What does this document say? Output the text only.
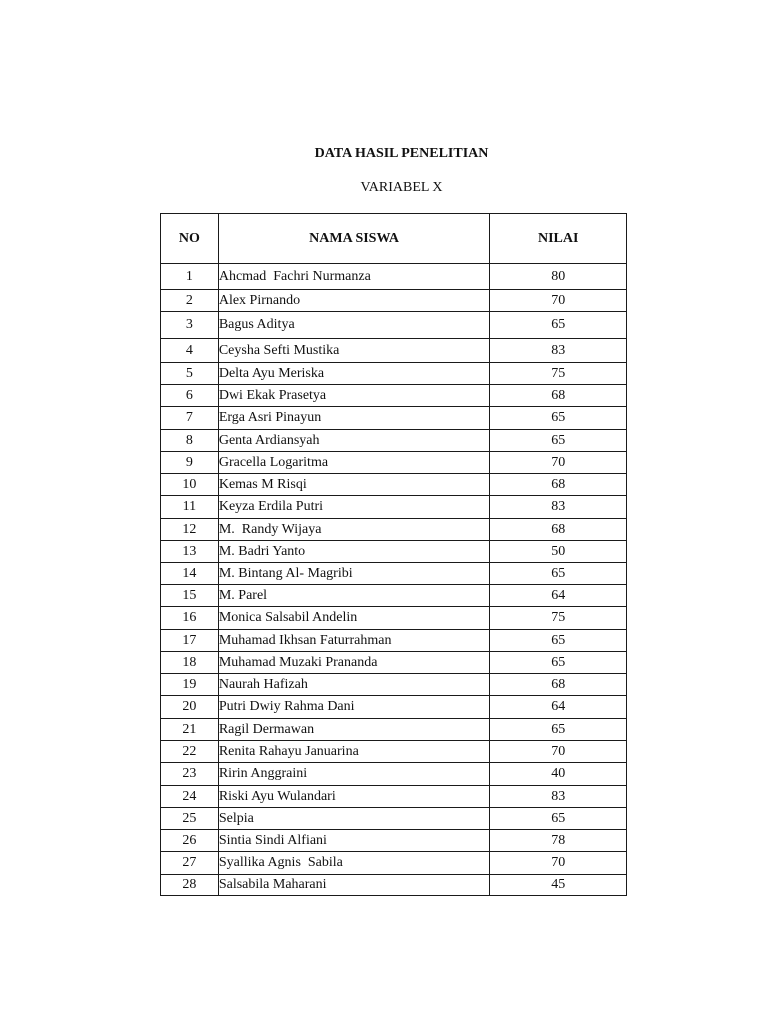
DATA HASIL PENELITIAN

VARIABEL X

NO	NAMA SISWA	NILAI
1	Ahcmad  Fachri Nurmanza	80
2	Alex Pirnando	70
3	Bagus Aditya	65
4	Ceysha Sefti Mustika	83
5	Delta Ayu Meriska	75
6	Dwi Ekak Prasetya	68
7	Erga Asri Pinayun	65
8	Genta Ardiansyah	65
9	Gracella Logaritma	70
10	Kemas M Risqi	68
11	Keyza Erdila Putri	83
12	M.  Randy Wijaya	68
13	M. Badri Yanto	50
14	M. Bintang Al- Magribi	65
15	M. Parel	64
16	Monica Salsabil Andelin	75
17	Muhamad Ikhsan Faturrahman	65
18	Muhamad Muzaki Prananda	65
19	Naurah Hafizah	68
20	Putri Dwiy Rahma Dani	64
21	Ragil Dermawan	65
22	Renita Rahayu Januarina	70
23	Ririn Anggraini	40
24	Riski Ayu Wulandari	83
25	Selpia	65
26	Sintia Sindi Alfiani	78
27	Syallika Agnis  Sabila	70
28	Salsabila Maharani	45
